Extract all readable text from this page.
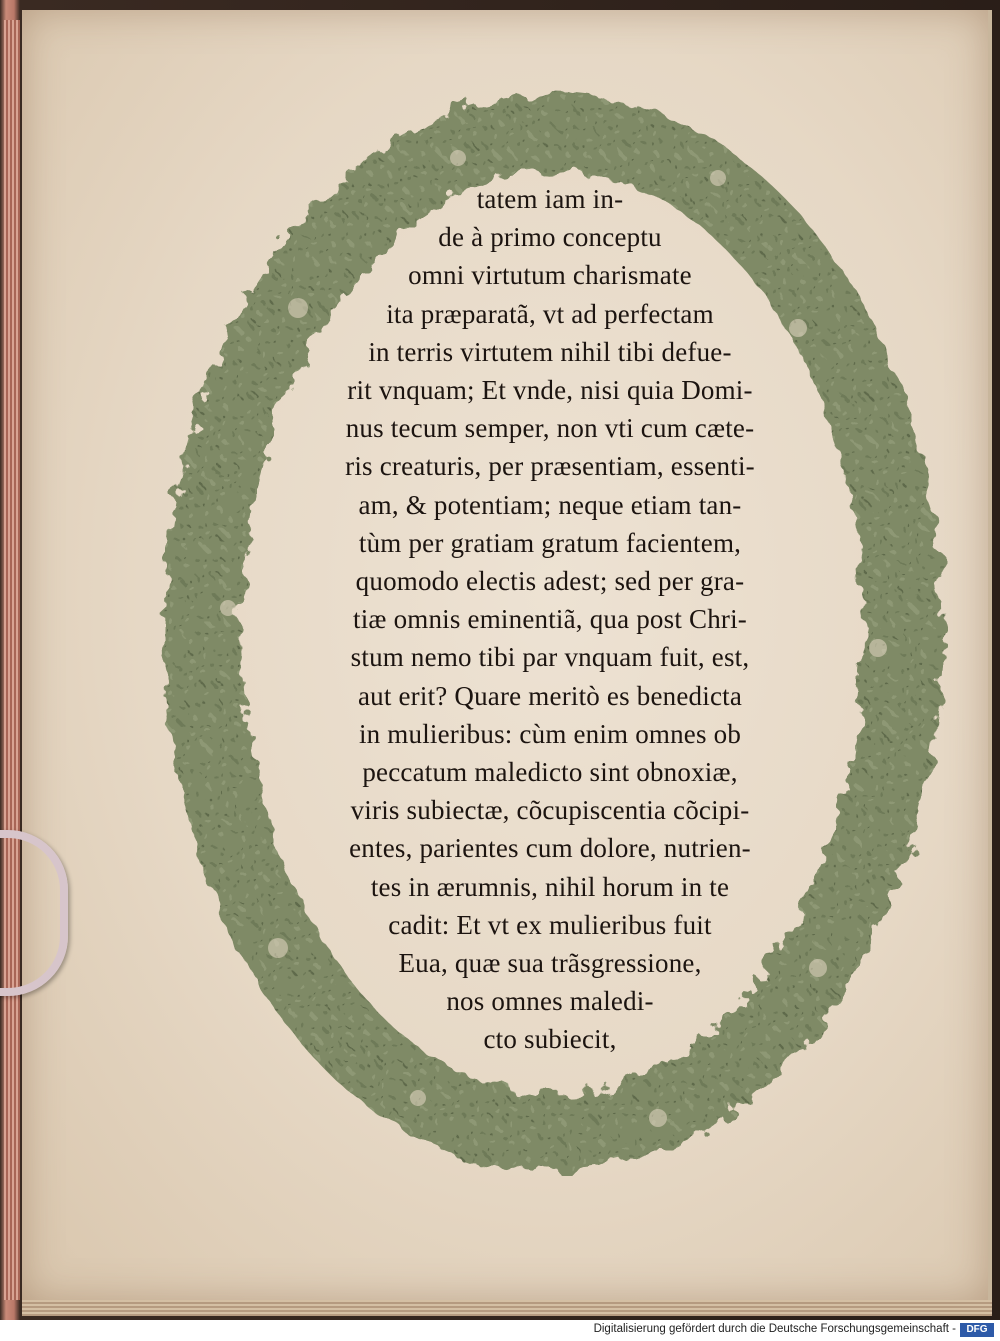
tatem iam in-
de à primo conceptu
omni virtutum charismate
ita præparatã, vt ad perfectam
in terris virtutem nihil tibi defue-
rit vnquam; Et vnde, nisi quia Domi-
nus tecum semper, non vti cum cæte-
ris creaturis, per præsentiam, essenti-
am, & potentiam; neque etiam tan-
tùm per gratiam gratum facientem,
quomodo electis adest; sed per gra-
tiæ omnis eminentiã, qua post Chri-
stum nemo tibi par vnquam fuit, est,
aut erit? Quare meritò es benedicta
in mulieribus: cùm enim omnes ob
peccatum maledicto sint obnoxiæ,
viris subiectæ, cõcupiscentia cõcipi-
entes, parientes cum dolore, nutrien-
tes in ærumnis, nihil horum in te
cadit: Et vt ex mulieribus fuit
Eua, quæ sua trãsgressione,
nos omnes maledi-
cto subiecit,
Digitalisierung gefördert durch die Deutsche Forschungsgemeinschaft -	DFG
